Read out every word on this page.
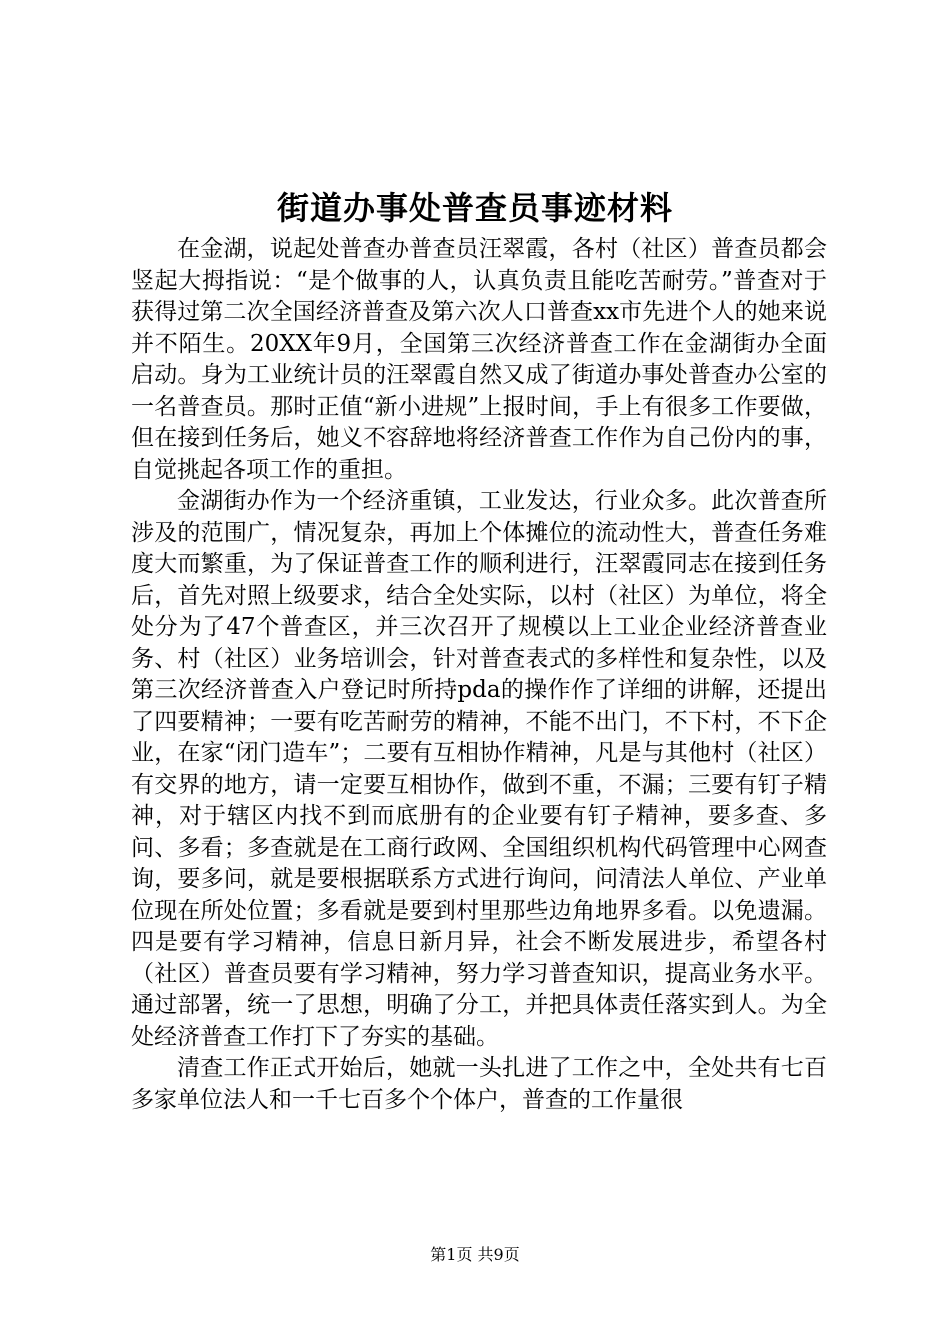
街道办事处普查员事迹材料

在金湖，说起处普查办普查员汪翠霞，各村（社区）普查员都会竖起大拇指说：“是个做事的人，认真负责且能吃苦耐劳。”普查对于获得过第二次全国经济普查及第六次人口普查xx市先进个人的她来说并不陌生。20XX年9月，全国第三次经济普查工作在金湖街办全面启动。身为工业统计员的汪翠霞自然又成了街道办事处普查办公室的一名普查员。那时正值“新小进规”上报时间，手上有很多工作要做，但在接到任务后，她义不容辞地将经济普查工作作为自己份内的事，自觉挑起各项工作的重担。

金湖街办作为一个经济重镇，工业发达，行业众多。此次普查所涉及的范围广，情况复杂，再加上个体摊位的流动性大，普查任务难度大而繁重，为了保证普查工作的顺利进行，汪翠霞同志在接到任务后，首先对照上级要求，结合全处实际，以村（社区）为单位，将全处分为了47个普查区，并三次召开了规模以上工业企业经济普查业务、村（社区）业务培训会，针对普查表式的多样性和复杂性，以及第三次经济普查入户登记时所持pda的操作作了详细的讲解，还提出了四要精神；一要有吃苦耐劳的精神，不能不出门，不下村，不下企业，在家“闭门造车”；二要有互相协作精神，凡是与其他村（社区）有交界的地方，请一定要互相协作，做到不重，不漏；三要有钉子精神，对于辖区内找不到而底册有的企业要有钉子精神，要多查、多问、多看；多查就是在工商行政网、全国组织机构代码管理中心网查询，要多问，就是要根据联系方式进行询问，问清法人单位、产业单位现在所处位置；多看就是要到村里那些边角地界多看。以免遗漏。四是要有学习精神，信息日新月异，社会不断发展进步，希望各村（社区）普查员要有学习精神，努力学习普查知识，提高业务水平。通过部署，统一了思想，明确了分工，并把具体责任落实到人。为全处经济普查工作打下了夯实的基础。

清查工作正式开始后，她就一头扎进了工作之中，全处共有七百多家单位法人和一千七百多个个体户，普查的工作量很

第1页 共9页
